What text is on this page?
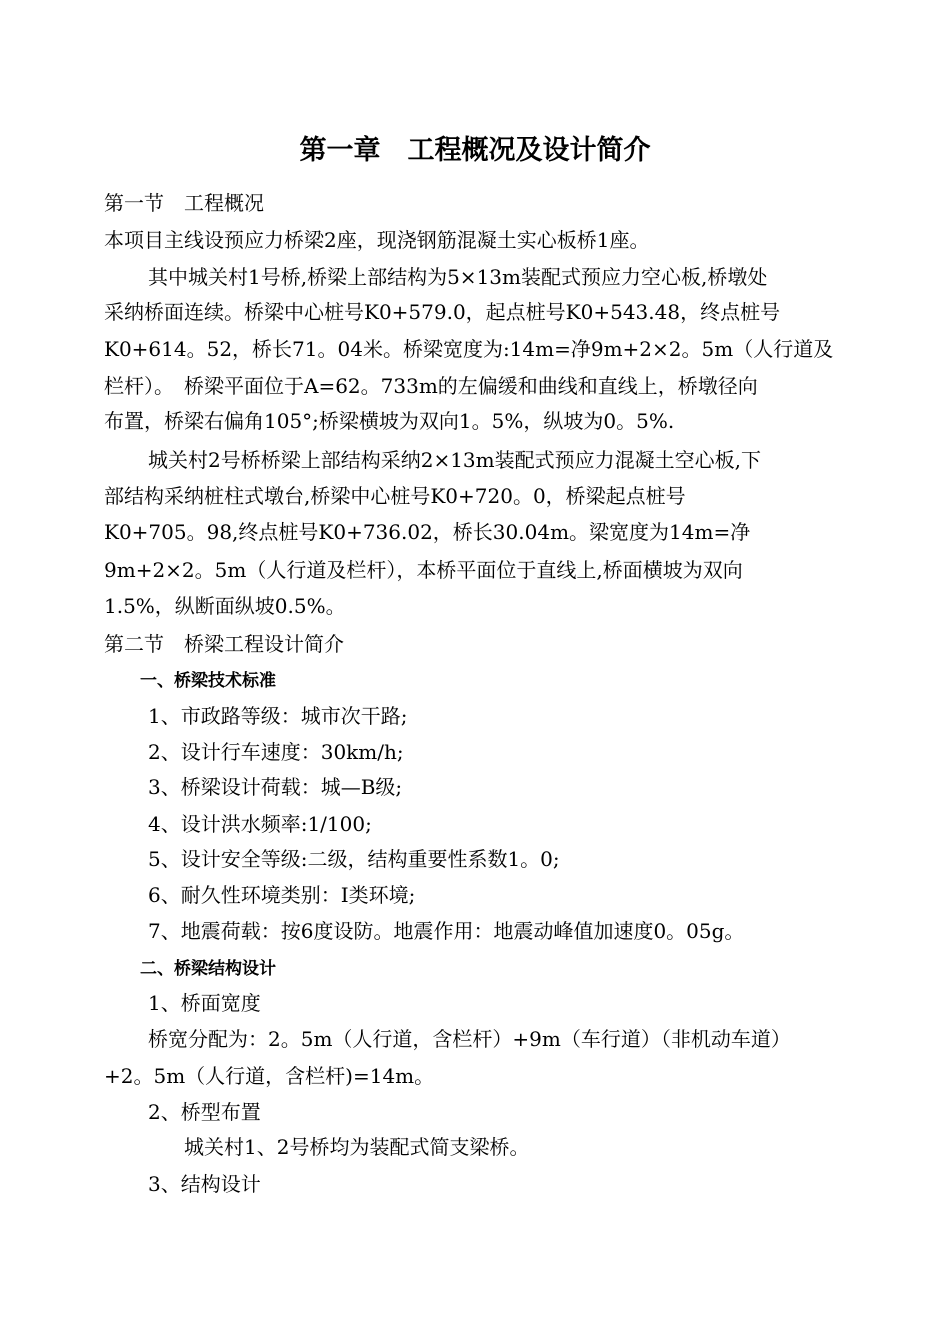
第一章　工程概况及设计简介
第一节　工程概况
本项目主线设预应力桥梁2座，现浇钢筋混凝土实心板桥1座。
其中城关村1号桥,桥梁上部结构为5×13m装配式预应力空心板,桥墩处
采纳桥面连续。桥梁中心桩号K0+579.0，起点桩号K0+543.48，终点桩号
K0+614。52，桥长71。04米。桥梁宽度为:14m=净9m+2×2。5m（人行道及
栏杆）。　桥梁平面位于A=62。733m的左偏缓和曲线和直线上，桥墩径向
布置，桥梁右偏角105°;桥梁横坡为双向1。5%，纵坡为0。5%.
城关村2号桥桥梁上部结构采纳2×13m装配式预应力混凝土空心板,下
部结构采纳桩柱式墩台,桥梁中心桩号K0+720。0，桥梁起点桩号
K0+705。98,终点桩号K0+736.02，桥长30.04m。梁宽度为14m=净
9m+2×2。5m（人行道及栏杆），本桥平面位于直线上,桥面横坡为双向
1.5%，纵断面纵坡0.5%。
第二节　桥梁工程设计简介
一、桥梁技术标准
1、市政路等级：城市次干路;
2、设计行车速度：30km/h;
3、桥梁设计荷载：城—B级;
4、设计洪水频率:1/100;
5、设计安全等级:二级，结构重要性系数1。0;
6、耐久性环境类别：I类环境;
7、地震荷载：按6度设防。地震作用：地震动峰值加速度0。05g。
二、桥梁结构设计
1、桥面宽度
桥宽分配为：2。5m（人行道，含栏杆）+9m（车行道）（非机动车道）
+2。5m（人行道，含栏杆)=14m。
2、桥型布置
城关村1、2号桥均为装配式简支梁桥。
3、结构设计
